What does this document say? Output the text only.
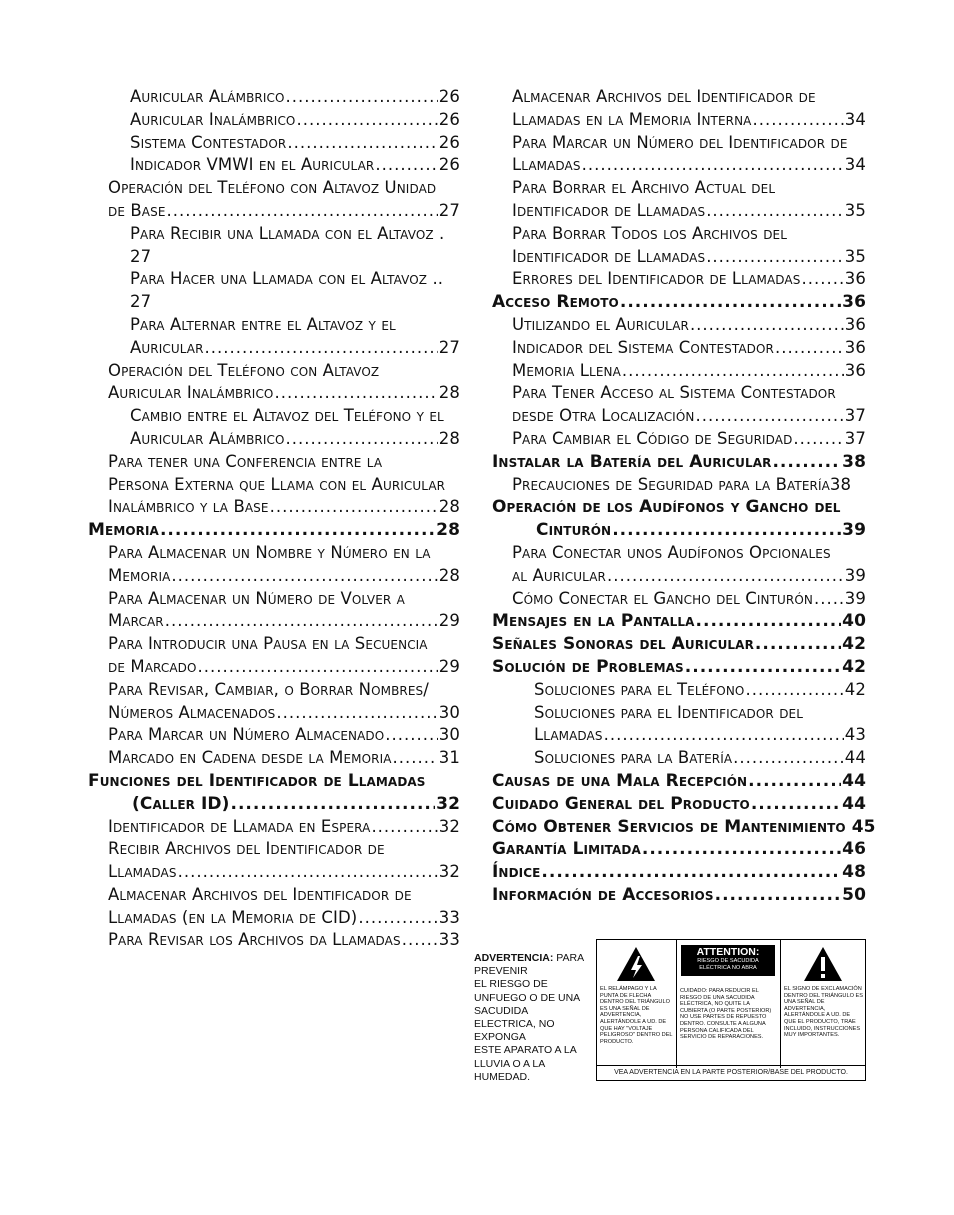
Auricular Alámbrico .....	26
Auricular Inalámbrico .....	26
Sistema Contestador .....	26
Indicador VMWI en el Auricular .....	26
Operación del Teléfono con Altavoz Unidad
de Base .....	27
Para Recibir una Llamada con el Altavoz .
27
Para Hacer una Llamada con el Altavoz ..
27
Para Alternar entre el Altavoz y el
Auricular .....	27
Operación del Teléfono con Altavoz
Auricular Inalámbrico .....	28
Cambio entre el Altavoz del Teléfono y el
Auricular Alámbrico .....	28
Para tener una Conferencia entre la
Persona Externa que Llama con el Auricular
Inalámbrico y la Base .....	28
Memoria .....	28
Para Almacenar un Nombre y Número en la
Memoria .....	28
Para Almacenar un Número de Volver a
Marcar .....	29
Para Introducir una Pausa en la Secuencia
de Marcado .....	29
Para Revisar, Cambiar, o Borrar Nombres/
Números Almacenados .....	30
Para Marcar un Número Almacenado .....	30
Marcado en Cadena desde la Memoria .....	31
Funciones del Identificador de Llamadas
(Caller ID) .....	32
Identificador de Llamada en Espera .....	32
Recibir Archivos del Identificador de
Llamadas .....	32
Almacenar Archivos del Identificador de
Llamadas (en la Memoria de CID) .....	33
Para Revisar los Archivos da Llamadas ..... 33
Almacenar Archivos del Identificador de
Llamadas en la Memoria Interna .....	34
Para Marcar un Número del Identificador de
Llamadas .....	34
Para Borrar el Archivo Actual del
Identificador de Llamadas .....	35
Para Borrar Todos los Archivos del
Identificador de Llamadas .....	35
Errores del Identificador de Llamadas .....	36
Acceso Remoto .....	36
Utilizando el Auricular .....	36
Indicador del Sistema Contestador .....	36
Memoria Llena .....	36
Para Tener Acceso al Sistema Contestador
desde Otra Localización .....	37
Para Cambiar el Código de Seguridad .....	37
Instalar la Batería del Auricular .....	38
Precauciones de Seguridad para la Batería38
Operación de los Audífonos y Gancho del
Cinturón .....	39
Para Conectar unos Audífonos Opcionales
al Auricular .....	39
Cómo Conectar el Gancho del Cinturón ..... 39
Mensajes en la Pantalla .....	40
Señales Sonoras del Auricular .....	42
Solución de Problemas .....	42
Soluciones para el Teléfono .....	42
Soluciones para el Identificador del
Llamadas .....	43
Soluciones para la Batería .....	44
Causas de una Mala Recepción .....	44
Cuidado General del Producto .....	44
Cómo Obtener Servicios de Mantenimiento 45
Garantía Limitada .....	46
Índice .....	48
Información de Accesorios .....	50
ADVERTENCIA: PARA
PREVENIR
EL RIESGO DE
UNFUEGO O DE UNA
SACUDIDA
ELECTRICA, NO
EXPONGA
ESTE APARATO A LA
LLUVIA O A LA
HUMEDAD.
EL RELÁMPAGO Y LA PUNTA DE FLECHA DENTRO DEL TRIÁNGULO ES UNA SEÑAL DE ADVERTENCIA, ALERTÁNDOLE A UD. DE QUE HAY "VOLTAJE PELIGROSO" DENTRO DEL PRODUCTO.
ATTENTION:
RIESGO DE SACUDIDA ELÉCTRICA NO ABRA
CUIDADO: PARA REDUCIR EL RIESGO DE UNA SACUDIDA ELÉCTRICA, NO QUITE LA CUBIERTA (O PARTE POSTERIOR) NO USE PARTES DE REPUESTO DENTRO. CONSULTE A ALGUNA PERSONA CALIFICADA DEL SERVICIO DE REPARACIONES.
EL SIGNO DE EXCLAMACIÓN DENTRO DEL TRIÁNGULO ES UNA SEÑAL DE ADVERTENCIA, ALERTÁNDOLE A UD. DE QUE EL PRODUCTO, TRAE INCLUIDO, INSTRUCCIONES MUY IMPORTANTES.
VEA ADVERTENCIA EN LA PARTE POSTERIOR/BASE DEL PRODUCTO.
